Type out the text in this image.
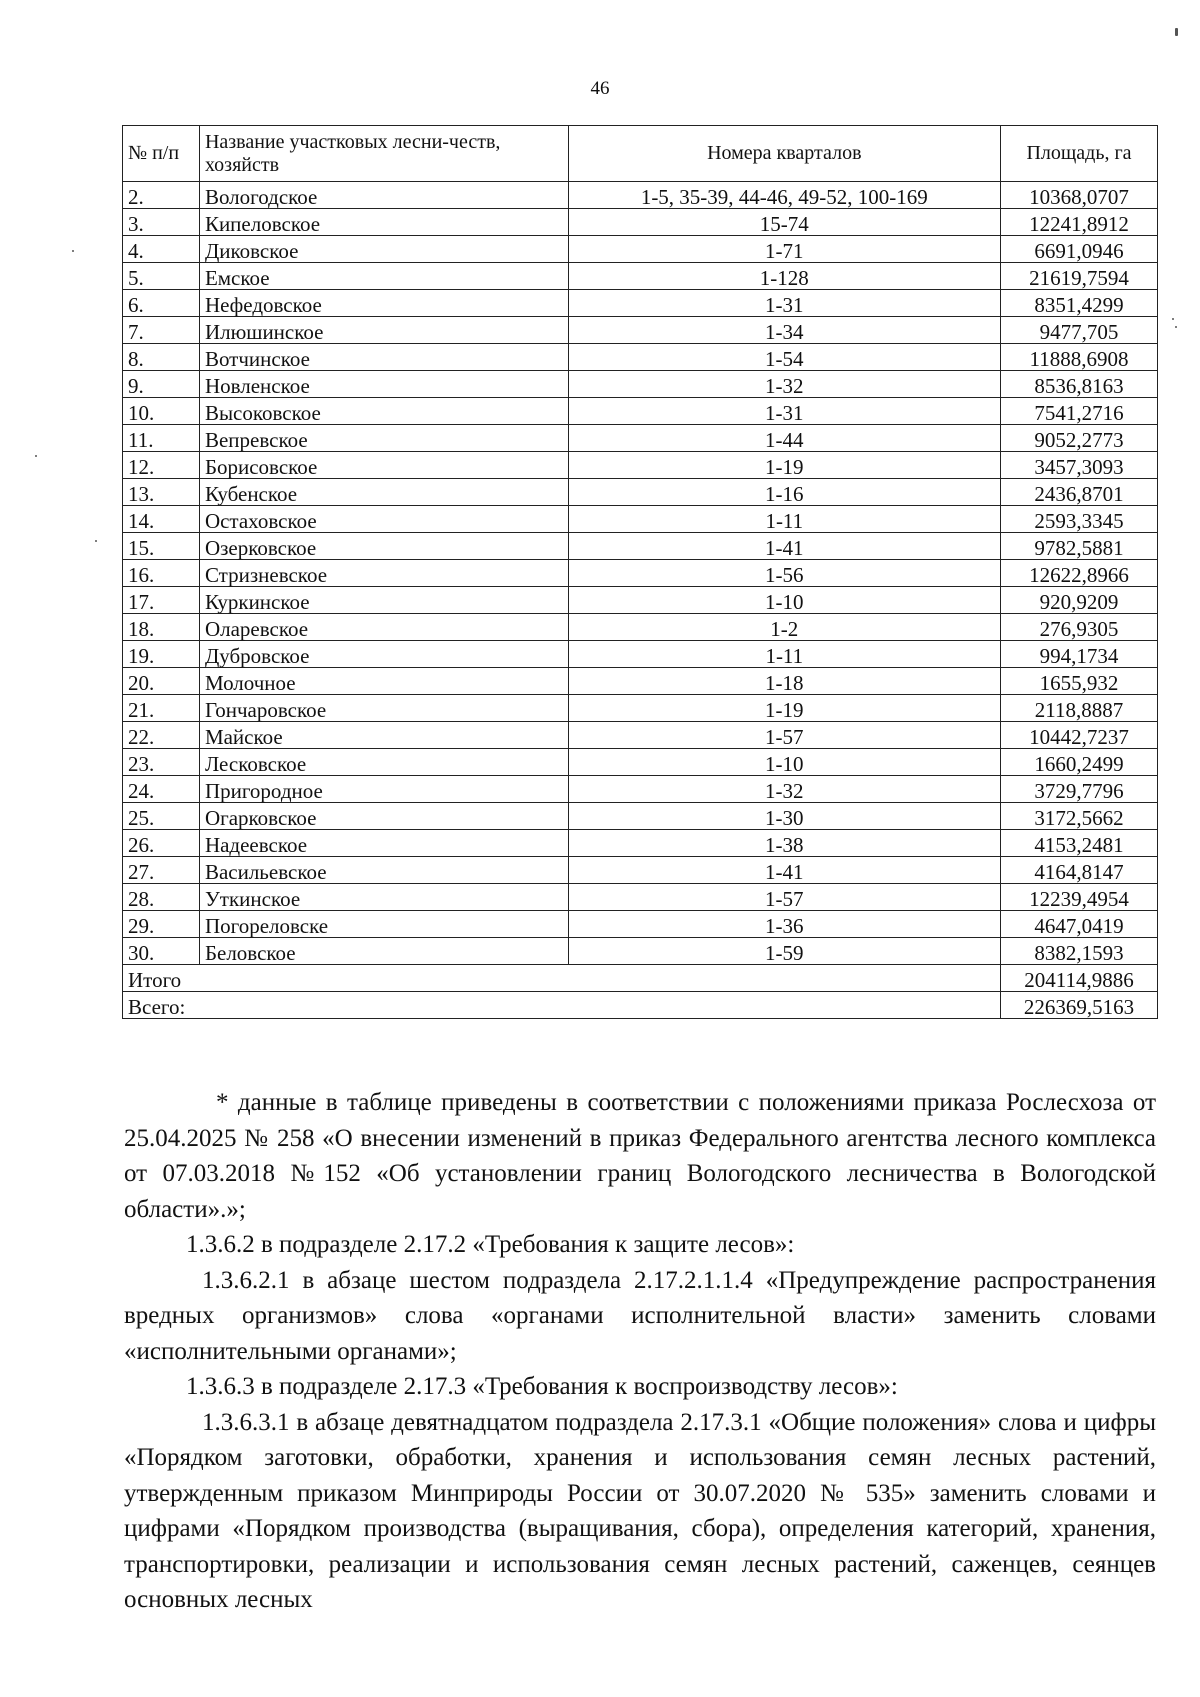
46
№ п/п	Название участковых лесни-честв, хозяйств	Номера кварталов	Площадь, га
2.	Вологодское	1-5, 35-39, 44-46, 49-52, 100-169	10368,0707
3.	Кипеловское	15-74	12241,8912
4.	Диковское	1-71	6691,0946
5.	Емское	1-128	21619,7594
6.	Нефедовское	1-31	8351,4299
7.	Илюшинское	1-34	9477,705
8.	Вотчинское	1-54	11888,6908
9.	Новленское	1-32	8536,8163
10.	Высоковское	1-31	7541,2716
11.	Вепревское	1-44	9052,2773
12.	Борисовское	1-19	3457,3093
13.	Кубенское	1-16	2436,8701
14.	Остаховское	1-11	2593,3345
15.	Озерковское	1-41	9782,5881
16.	Стризневское	1-56	12622,8966
17.	Куркинское	1-10	920,9209
18.	Оларевское	1-2	276,9305
19.	Дубровское	1-11	994,1734
20.	Молочное	1-18	1655,932
21.	Гончаровское	1-19	2118,8887
22.	Майское	1-57	10442,7237
23.	Лесковское	1-10	1660,2499
24.	Пригородное	1-32	3729,7796
25.	Огарковское	1-30	3172,5662
26.	Надеевское	1-38	4153,2481
27.	Васильевское	1-41	4164,8147
28.	Уткинское	1-57	12239,4954
29.	Погореловске	1-36	4647,0419
30.	Беловское	1-59	8382,1593
Итого			204114,9886
Всего:			226369,5163

* данные в таблице приведены в соответствии с положениями приказа Рослесхоза от 25.04.2025 № 258 «О внесении изменений в приказ Федерального агентства лесного комплекса от 07.03.2018 №152 «Об установлении границ Вологодского лесничества в Вологодской области».»;

1.3.6.2 в подразделе 2.17.2 «Требования к защите лесов»:

1.3.6.2.1 в абзаце шестом подраздела 2.17.2.1.1.4 «Предупреждение распространения вредных организмов» слова «органами исполнительной власти» заменить словами «исполнительными органами»;

1.3.6.3 в подразделе 2.17.3 «Требования к воспроизводству лесов»:

1.3.6.3.1 в абзаце девятнадцатом подраздела 2.17.3.1 «Общие положения» слова и цифры «Порядком заготовки, обработки, хранения и использования семян лесных растений, утвержденным приказом Минприроды России от 30.07.2020 № 535» заменить словами и цифрами «Порядком производства (выращивания, сбора), определения категорий, хранения, транспортировки, реализации и использования семян лесных растений, саженцев, сеянцев основных лесных
